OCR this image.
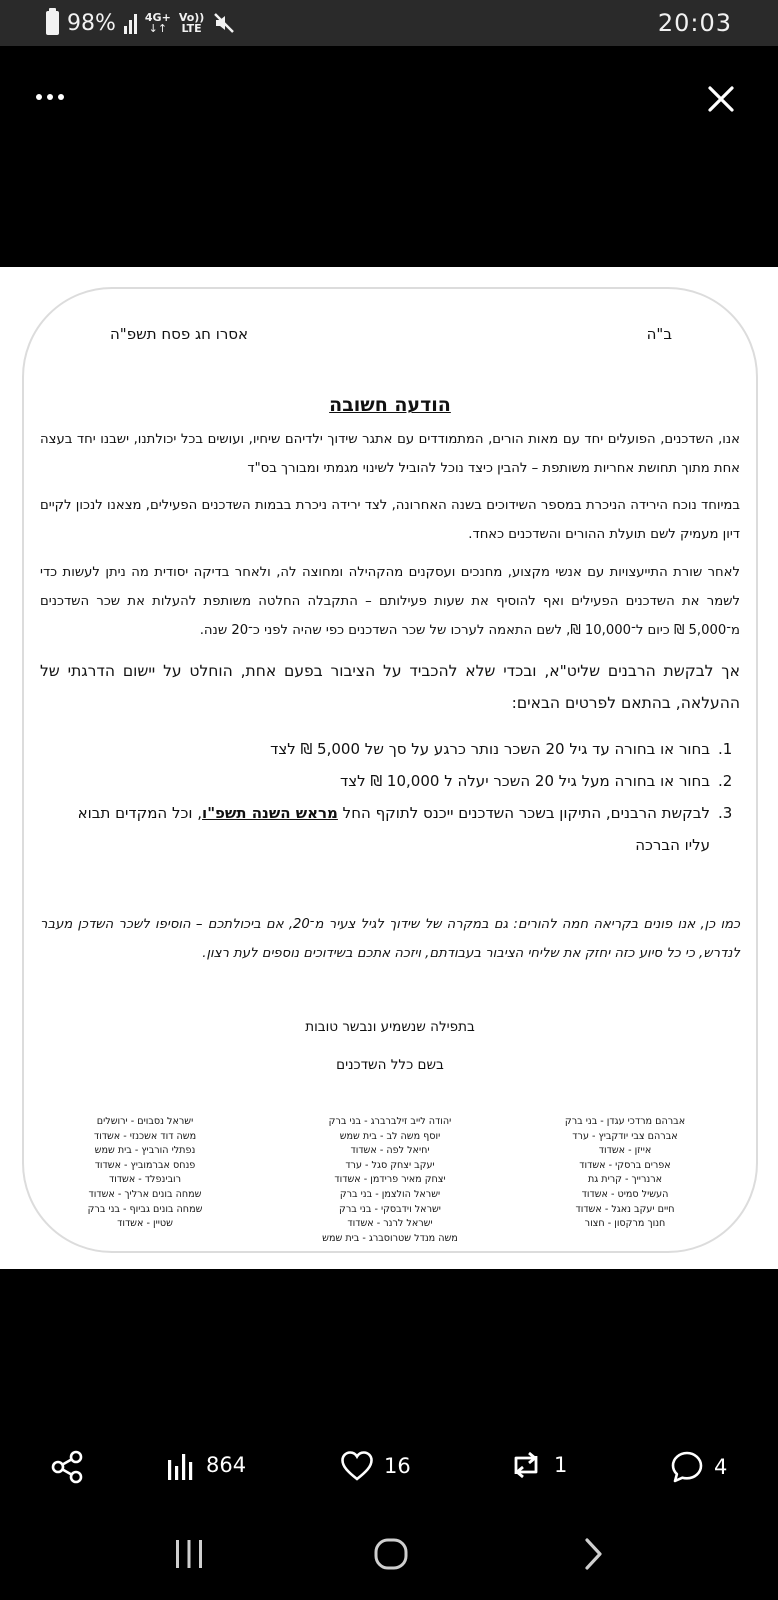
98%	4G+
↓↑
Vo))
LTE	20:03
ב"ה
אסרו חג פסח תשפ"ה
הודעה חשובה
אנו, השדכנים, הפועלים יחד עם מאות הורים, המתמודדים עם אתגר שידוך ילדיהם שיחיו, ועושים בכל יכולתנו, ישבנו יחד בעצה אחת מתוך תחושת אחריות משותפת – להבין כיצד נוכל להוביל לשינוי מגמתי ומבורך בס"ד
במיוחד נוכח הירידה הניכרת במספר השידוכים בשנה האחרונה, לצד ירידה ניכרת בבמות השדכנים הפעילים, מצאנו לנכון לקיים דיון מעמיק לשם תועלת ההורים והשדכנים כאחד.
לאחר שורת התייעצויות עם אנשי מקצוע, מחנכים ועסקנים מהקהילה ומחוצה לה, ולאחר בדיקה יסודית מה ניתן לעשות כדי לשמר את השדכנים הפעילים ואף להוסיף את שעות פעילותם – התקבלה החלטה משותפת להעלות את שכר השדכנים מ־5,000 ₪ כיום ל־10,000 ₪, לשם התאמה לערכו של שכר השדכנים כפי שהיה לפני כ־20 שנה.
אך לבקשת הרבנים שליט"א, ובכדי שלא להכביד על הציבור בפעם אחת, הוחלט על יישום הדרגתי של ההעלאה, בהתאם לפרטים הבאים:
1.
בחור או בחורה עד גיל 20 השכר נותר כרגע על סך של 5,000 ₪ לצד
2.
בחור או בחורה מעל גיל 20 השכר יעלה ל 10,000 ₪ לצד
3.
לבקשת הרבנים, התיקון בשכר השדכנים ייכנס לתוקף החל מראש השנה תשפ"ו, וכל המקדים תבוא עליו הברכה
כמו כן, אנו פונים בקריאה חמה להורים: גם במקרה של שידוך לגיל צעיר מ־20, אם ביכולתכם – הוסיפו לשכר השדכן מעבר לנדרש, כי כל סיוע כזה יחזק את שליחי הציבור בעבודתם, ויזכה אתכם בשידוכים נוספים לעת רצון.
בתפילה שנשמיע ונבשר טובות
בשם כלל השדכנים
אברהם מרדכי עגדן - בני ברק
אברהם צבי יודקביץ - ערד
אייזן - אשדוד
אפרים ברסקי - אשדוד
ארנרייך - קרית גת
העשיל סמיט - אשדוד
חיים יעקב נאגל - אשדוד
חנוך מרקסון - חצור
יהודה לייב זילברברג - בני ברק
יוסף משה לב - בית שמש
יחיאל לפה - אשדוד
יעקב יצחק סגל - ערד
יצחק מאיר פרידמן - אשדוד
ישראל הולצמן - בני ברק
ישראל וידבסקי - בני ברק
ישראל לרנר - אשדוד
משה מנדל שטרוסברג - בית שמש
ישראל נסבוים - ירושלים
משה דוד אשכנזי - אשדוד
נפתלי הורביץ - בית שמש
פנחס אברמוביץ - אשדוד
רובינפלד - אשדוד
שמחה בונים ארליך - אשדוד
שמחה בונים גביוף - בני ברק
שטיין - אשדוד
864	16	1	4
